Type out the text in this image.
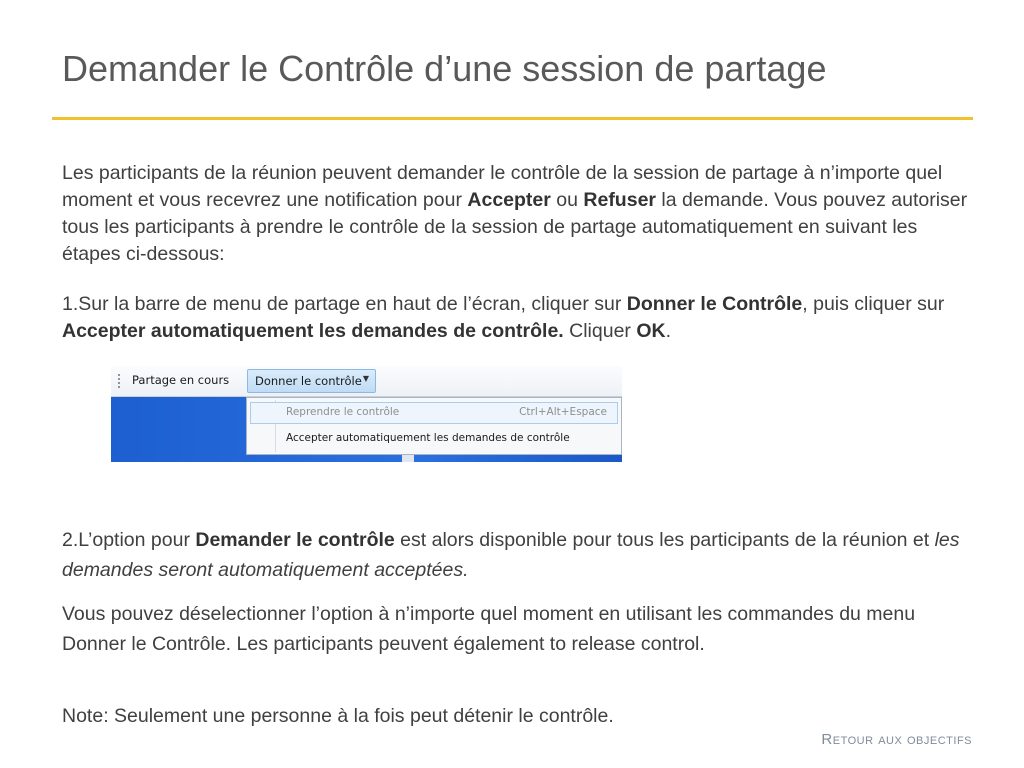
Demander le Contrôle d’une session de partage

Les participants de la réunion peuvent demander le contrôle de la session de partage à n’importe quel moment et vous recevrez une notification pour Accepter ou Refuser la demande. Vous pouvez autoriser tous les participants à prendre le contrôle de la session de partage automatiquement en suivant les étapes ci-dessous:

1.Sur la barre de menu de partage en haut de l’écran, cliquer sur Donner le Contrôle, puis cliquer sur Accepter automatiquement les demandes de contrôle. Cliquer OK.

Partage en cours Donner le contrôle ▼
Reprendre le contrôle	Ctrl+Alt+Espace
Accepter automatiquement les demandes de contrôle

2.L’option pour Demander le contrôle est alors disponible pour tous les participants de la réunion et les demandes seront automatiquement acceptées.

Vous pouvez déselectionner l’option à n’importe quel moment en utilisant les commandes du menu Donner le Contrôle. Les participants peuvent également to release control.

Note: Seulement une personne à la fois peut détenir le contrôle.

Retour aux objectifs
